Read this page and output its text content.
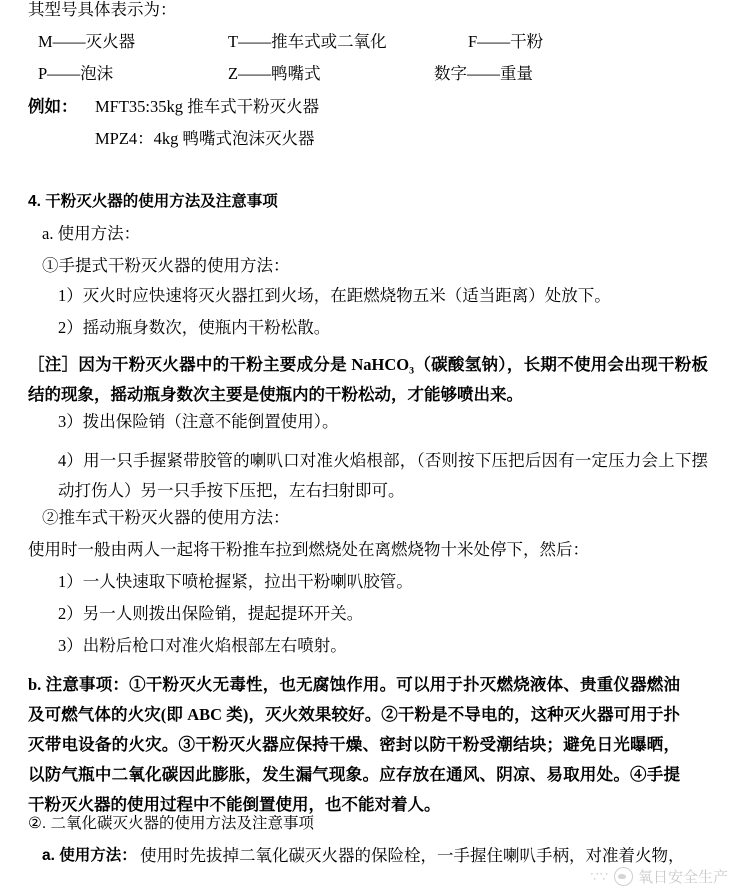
其型号具体表示为：
M——灭火器	T——推车式或二氧化	F——干粉
P——泡沫	Z——鸭嘴式	数字——重量
例如： MFT35:35kg 推车式干粉灭火器
MPZ4：4kg 鸭嘴式泡沫灭火器
4. 干粉灭火器的使用方法及注意事项
a. 使用方法：
①手提式干粉灭火器的使用方法：
1）灭火时应快速将灭火器扛到火场，在距燃烧物五米（适当距离）处放下。
2）摇动瓶身数次，使瓶内干粉松散。
［注］因为干粉灭火器中的干粉主要成分是 NaHCO₃（碳酸氢钠），长期不使用会出现干粉板结的现象，摇动瓶身数次主要是使瓶内的干粉松动，才能够喷出来。
3）拨出保险销（注意不能倒置使用）。
4）用一只手握紧带胶管的喇叭口对准火焰根部，（否则按下压把后因有一定压力会上下摆动打伤人）另一只手按下压把，左右扫射即可。
②推车式干粉灭火器的使用方法：
使用时一般由两人一起将干粉推车拉到燃烧处在离燃烧物十米处停下，然后：
1）一人快速取下喷枪握紧，拉出干粉喇叭胶管。
2）另一人则拨出保险销，提起提环开关。
3）出粉后枪口对准火焰根部左右喷射。
b. 注意事项：①干粉灭火无毒性，也无腐蚀作用。可以用于扑灭燃烧液体、贵重仪器燃油及可燃气体的火灾(即 ABC 类)，灭火效果较好。②干粉是不导电的，这种灭火器可用于扑灭带电设备的火灾。③干粉灭火器应保持干燥、密封以防干粉受潮结块；避免日光曝晒，以防气瓶中二氧化碳因此膨胀，发生漏气现象。应存放在通风、阴凉、易取用处。④手提干粉灭火器的使用过程中不能倒置使用，也不能对着人。
②. 二氧化碳灭火器的使用方法及注意事项
a. 使用方法： 使用时先拔掉二氧化碳灭火器的保险栓，一手握住喇叭手柄，对准着火物，
∵∵ 氧日安全生产
